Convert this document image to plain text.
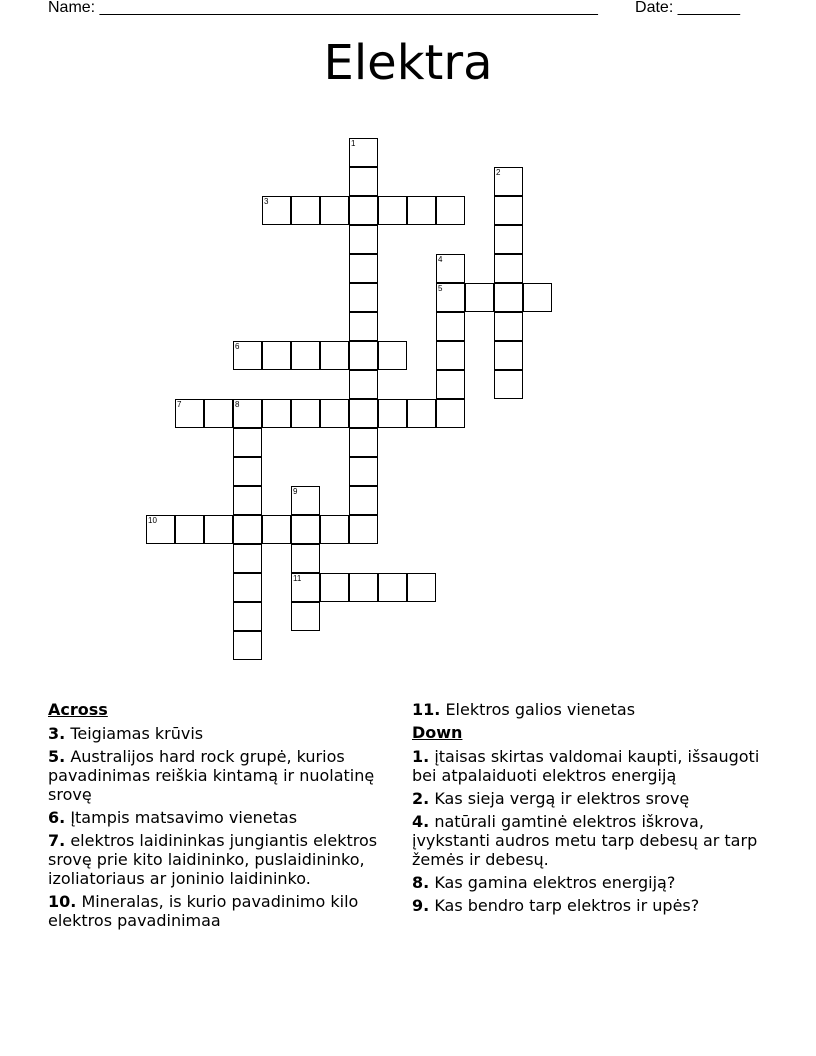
Name: ________________________________________________________ Date: _______
Elektra
3
5
6
7	8
10
11
1
2
4
9
Across
3. Teigiamas krūvis
5. Australijos hard rock grupė, kurios pavadinimas reiškia kintamą ir nuolatinę srovę
6. Įtampis matsavimo vienetas
7. elektros laidininkas jungiantis elektros srovę prie kito laidininko, puslaidininko, izoliatoriaus ar joninio laidininko.
10. Mineralas, is kurio pavadinimo kilo elektros pavadinimaa
11. Elektros galios vienetas
Down
1. įtaisas skirtas valdomai kaupti, išsaugoti bei atpalaiduoti elektros energiją
2. Kas sieja vergą ir elektros srovę
4. natūrali gamtinė elektros iškrova, įvykstanti audros metu tarp debesų ar tarp žemės ir debesų.
8. Kas gamina elektros energiją?
9. Kas bendro tarp elektros ir upės?
